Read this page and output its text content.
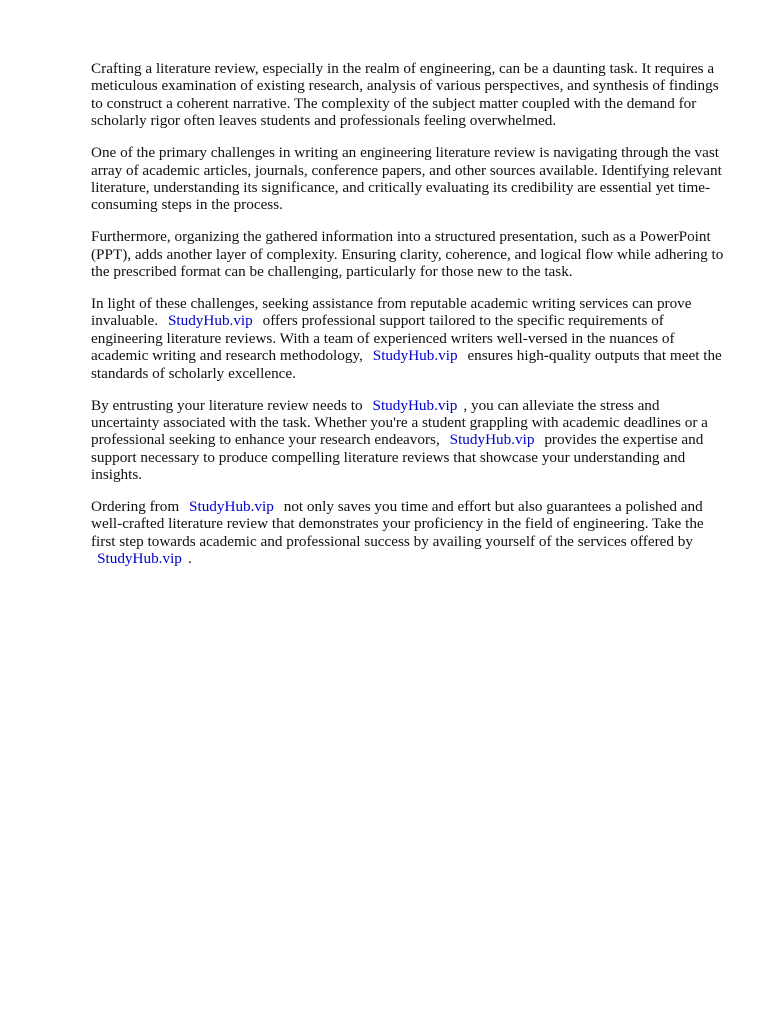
Crafting a literature review, especially in the realm of engineering, can be a daunting task. It requires a meticulous examination of existing research, analysis of various perspectives, and synthesis of findings to construct a coherent narrative. The complexity of the subject matter coupled with the demand for scholarly rigor often leaves students and professionals feeling overwhelmed.

One of the primary challenges in writing an engineering literature review is navigating through the vast array of academic articles, journals, conference papers, and other sources available. Identifying relevant literature, understanding its significance, and critically evaluating its credibility are essential yet time-consuming steps in the process.

Furthermore, organizing the gathered information into a structured presentation, such as a PowerPoint (PPT), adds another layer of complexity. Ensuring clarity, coherence, and logical flow while adhering to the prescribed format can be challenging, particularly for those new to the task.

In light of these challenges, seeking assistance from reputable academic writing services can prove invaluable. StudyHub.vip offers professional support tailored to the specific requirements of engineering literature reviews. With a team of experienced writers well-versed in the nuances of academic writing and research methodology, StudyHub.vip ensures high-quality outputs that meet the standards of scholarly excellence.

By entrusting your literature review needs to StudyHub.vip , you can alleviate the stress and uncertainty associated with the task. Whether you're a student grappling with academic deadlines or a professional seeking to enhance your research endeavors, StudyHub.vip provides the expertise and support necessary to produce compelling literature reviews that showcase your understanding and insights.

Ordering from StudyHub.vip not only saves you time and effort but also guarantees a polished and well-crafted literature review that demonstrates your proficiency in the field of engineering. Take the first step towards academic and professional success by availing yourself of the services offered by StudyHub.vip .
